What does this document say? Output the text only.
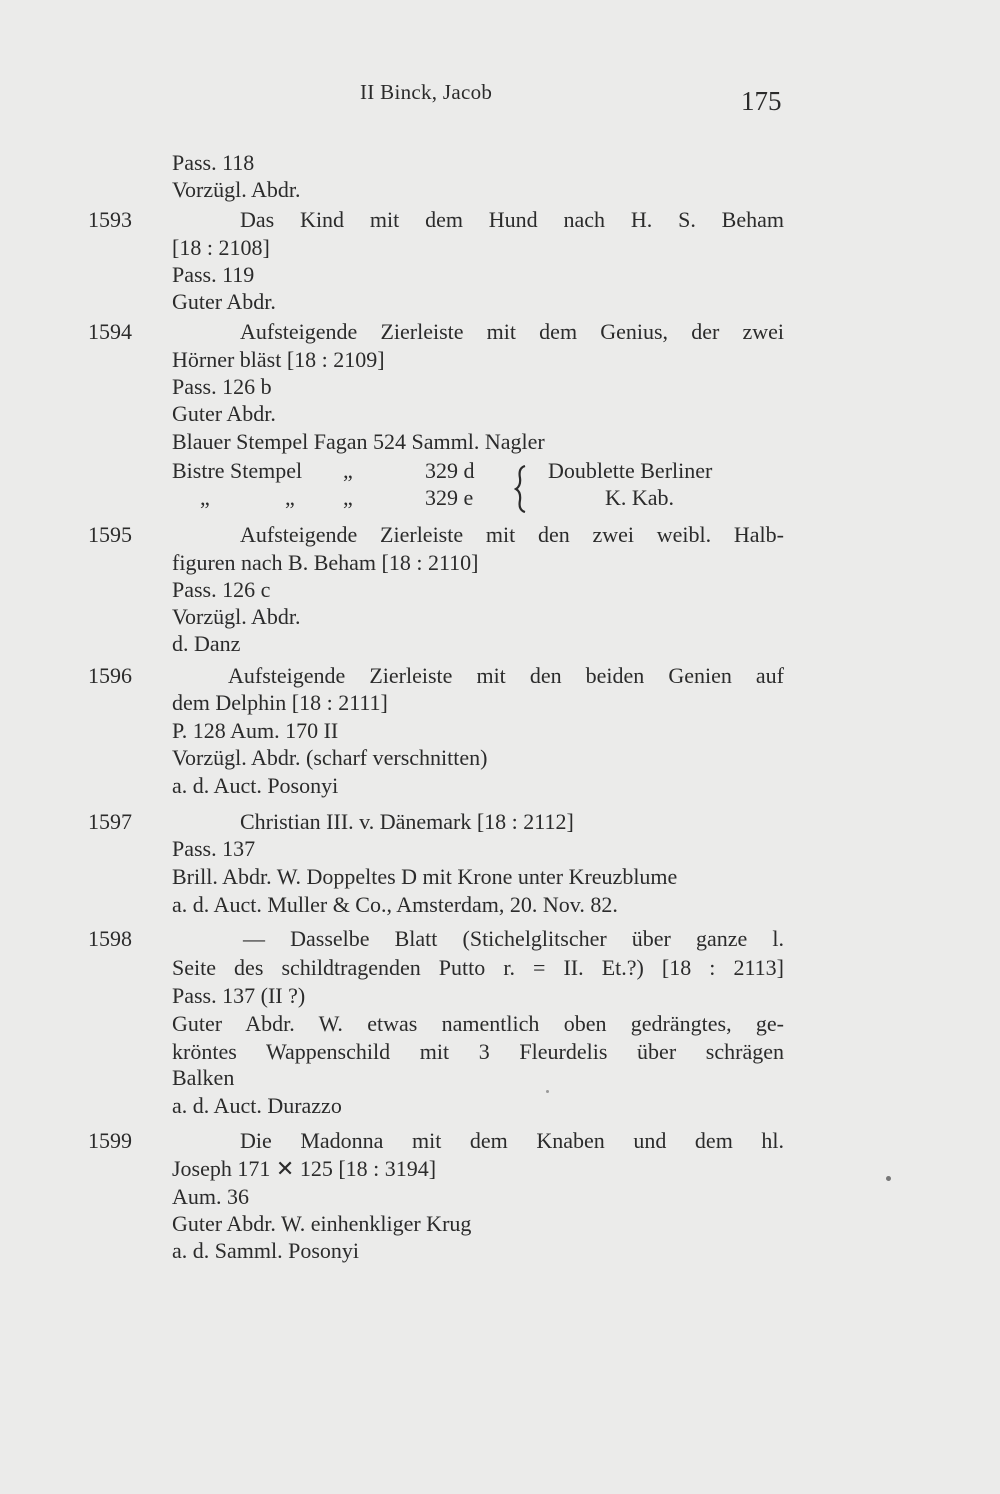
II Binck, Jacob	175
Pass. 118
Vorzügl. Abdr.
1593	Das Kind mit dem Hund nach H. S. Beham
[18 : 2108]
Pass. 119
Guter Abdr.
1594	Aufsteigende Zierleiste mit dem Genius, der zwei
Hörner bläst [18 : 2109]
Pass. 126 b
Guter Abdr.
Blauer Stempel Fagan 524 Samml. Nagler
Bistre Stempel „	329 d	Doublette Berliner
„	„ „	329 e	K. Kab.
1595	Aufsteigende Zierleiste mit den zwei weibl. Halb-
figuren nach B. Beham [18 : 2110]
Pass. 126 c
Vorzügl. Abdr.
d. Danz
1596	Aufsteigende Zierleiste mit den beiden Genien auf
dem Delphin [18 : 2111]
P. 128 Aum. 170 II
Vorzügl. Abdr. (scharf verschnitten)
a. d. Auct. Posonyi
1597	Christian III. v. Dänemark [18 : 2112]
Pass. 137
Brill. Abdr. W. Doppeltes D mit Krone unter Kreuzblume
a. d. Auct. Muller & Co., Amsterdam, 20. Nov. 82.
1598	— Dasselbe Blatt (Stichelglitscher über ganze l.
Seite des schildtragenden Putto r. = II. Et.?) [18 : 2113]
Pass. 137 (II ?)
Guter Abdr. W. etwas namentlich oben gedrängtes, ge-
kröntes Wappenschild mit 3 Fleurdelis über schrägen
Balken
a. d. Auct. Durazzo
1599	Die Madonna mit dem Knaben und dem hl.
Joseph 171 ✕ 125 [18 : 3194]
Aum. 36
Guter Abdr. W. einhenkliger Krug
a. d. Samml. Posonyi
